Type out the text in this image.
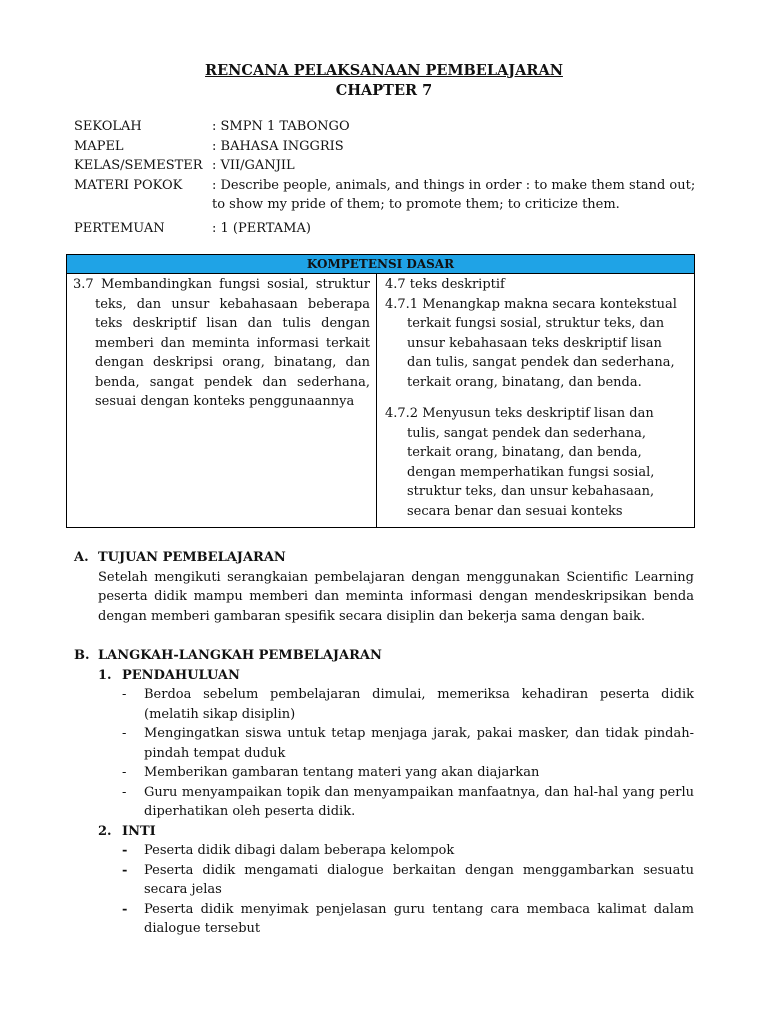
RENCANA PELAKSANAAN PEMBELAJARAN
CHAPTER 7
SEKOLAH	: SMPN 1 TABONGO
MAPEL	: BAHASA INGGRIS
KELAS/SEMESTER : VII/GANJIL
MATERI POKOK	: Describe people, animals, and things in order : to make them stand out;
to show my pride of them; to promote them; to criticize them.
PERTEMUAN	: 1 (PERTAMA)
KOMPETENSI DASAR

3.7 Membandingkan fungsi sosial, struktur teks, dan unsur kebahasaan beberapa teks deskriptif lisan dan tulis dengan memberi dan meminta informasi terkait dengan deskripsi orang, binatang, dan benda, sangat pendek dan sederhana, sesuai dengan konteks penggunaannya

4.7 teks deskriptif

4.7.1 Menangkap makna secara kontekstual terkait fungsi sosial, struktur teks, dan unsur kebahasaan teks deskriptif lisan dan tulis, sangat pendek dan sederhana, terkait orang, binatang, dan benda.

4.7.2 Menyusun teks deskriptif lisan dan tulis, sangat pendek dan sederhana, terkait orang, binatang, dan benda, dengan memperhatikan fungsi sosial, struktur teks, dan unsur kebahasaan, secara benar dan sesuai konteks

A. TUJUAN PEMBELAJARAN

Setelah mengikuti serangkaian pembelajaran dengan menggunakan Scientific Learning peserta didik mampu memberi dan meminta informasi dengan mendeskripsikan benda dengan memberi gambaran spesifik secara disiplin dan bekerja sama dengan baik.

B. LANGKAH-LANGKAH PEMBELAJARAN
1. PENDAHULUAN
- Berdoa sebelum pembelajaran dimulai, memeriksa kehadiran peserta didik (melatih sikap disiplin)
- Mengingatkan siswa untuk tetap menjaga jarak, pakai masker, dan tidak pindah-pindah tempat duduk
- Memberikan gambaran tentang materi yang akan diajarkan
- Guru menyampaikan topik dan menyampaikan manfaatnya, dan hal-hal yang perlu diperhatikan oleh peserta didik.
2. INTI
- Peserta didik dibagi dalam beberapa kelompok
- Peserta didik mengamati dialogue berkaitan dengan menggambarkan sesuatu secara jelas
- Peserta didik menyimak penjelasan guru tentang cara membaca kalimat dalam dialogue tersebut
